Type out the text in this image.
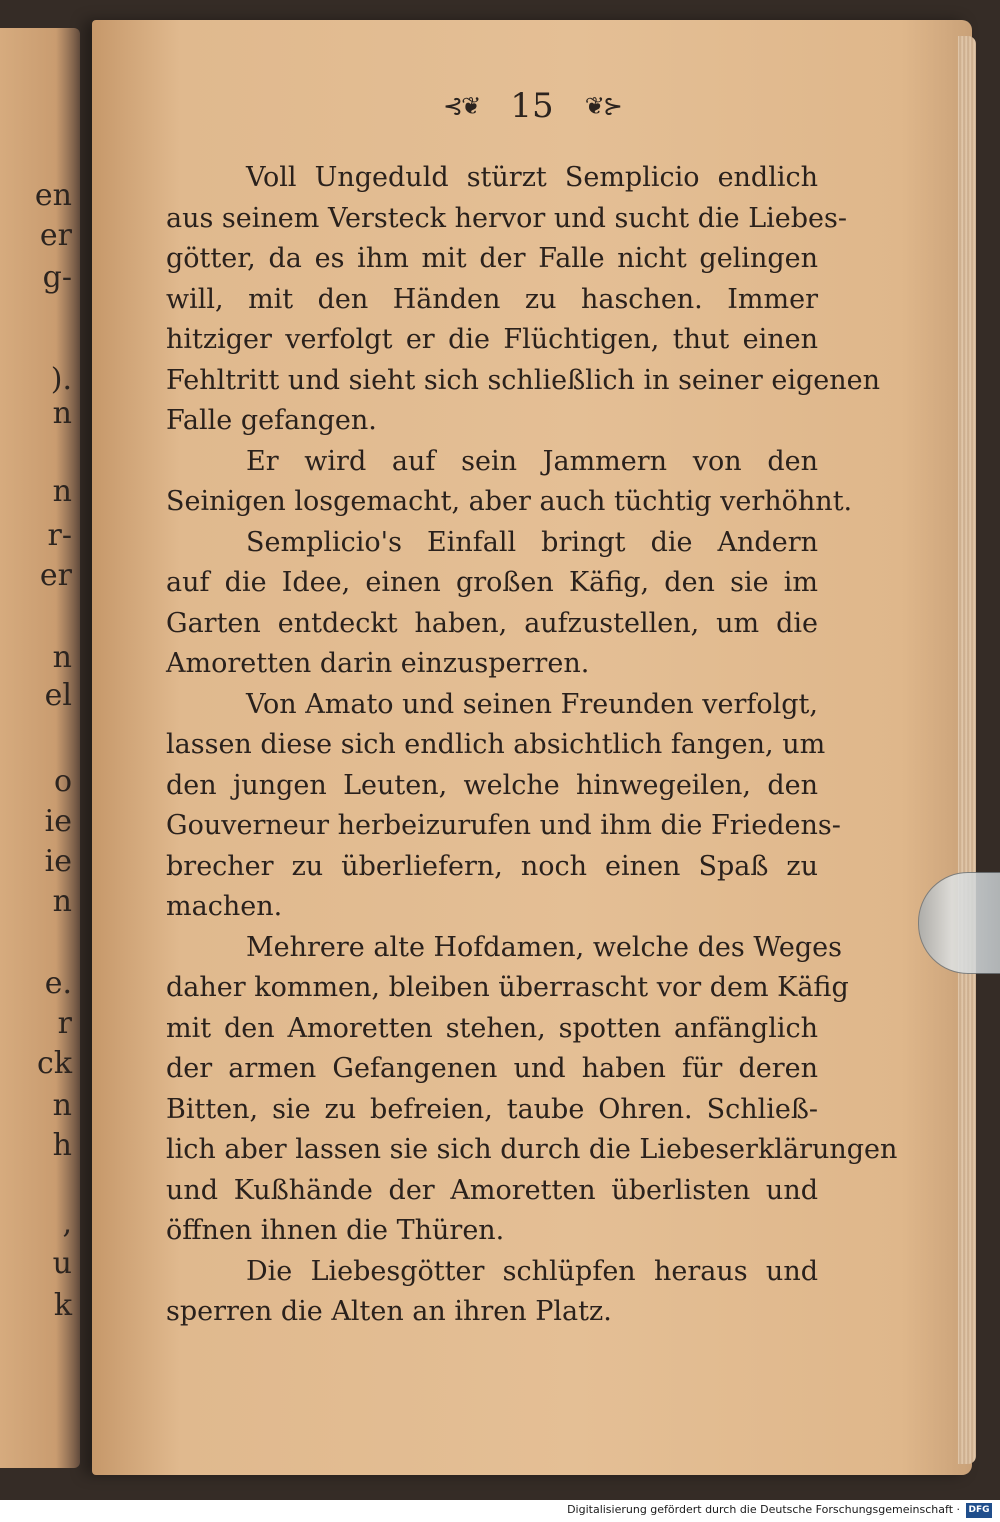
en
er
g-
).
n
n
r-
er
n
el
o
ie
ie
n
e.
r
ck
n
h
,
u
k
⊰❦ 15 ❦⊱
Voll Ungeduld stürzt Semplicio endlich
aus seinem Versteck hervor und sucht die Liebes-
götter, da es ihm mit der Falle nicht gelingen
will, mit den Händen zu haschen. Immer
hitziger verfolgt er die Flüchtigen, thut einen
Fehltritt und sieht sich schließlich in seiner eigenen
Falle gefangen.
Er wird auf sein Jammern von den
Seinigen losgemacht, aber auch tüchtig verhöhnt.
Semplicio's Einfall bringt die Andern
auf die Idee, einen großen Käfig, den sie im
Garten entdeckt haben, aufzustellen, um die
Amoretten darin einzusperren.
Von Amato und seinen Freunden verfolgt,
lassen diese sich endlich absichtlich fangen, um
den jungen Leuten, welche hinwegeilen, den
Gouverneur herbeizurufen und ihm die Friedens-
brecher zu überliefern, noch einen Spaß zu
machen.
Mehrere alte Hofdamen, welche des Weges
daher kommen, bleiben überrascht vor dem Käfig
mit den Amoretten stehen, spotten anfänglich
der armen Gefangenen und haben für deren
Bitten, sie zu befreien, taube Ohren. Schließ-
lich aber lassen sie sich durch die Liebeserklärungen
und Kußhände der Amoretten überlisten und
öffnen ihnen die Thüren.
Die Liebesgötter schlüpfen heraus und
sperren die Alten an ihren Platz.
Digitalisierung gefördert durch die Deutsche Forschungsgemeinschaft · DFG
